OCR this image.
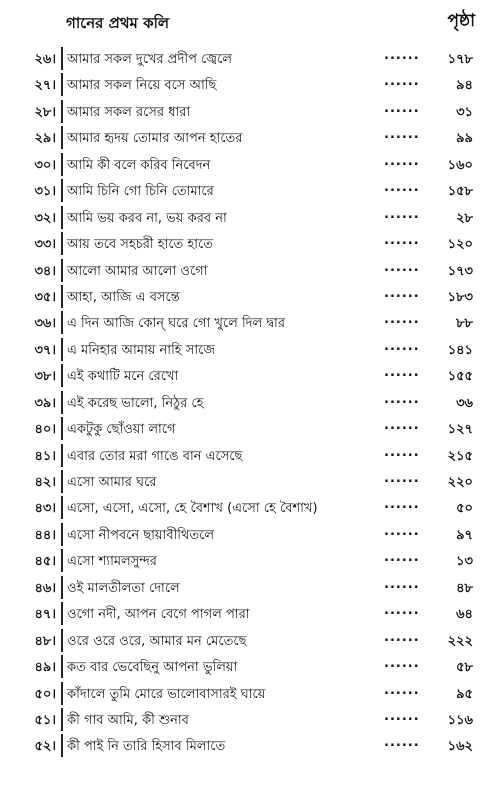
গানের প্রথম কলি	পৃষ্ঠা
২৬। আমার সকল দুখের প্রদীপ জ্বেলে	...... ১৭৮
২৭। আমার সকল নিয়ে বসে আছি	......	৯৪
২৮। আমার সকল রসের ধারা	......	৩১
২৯। আমার হৃদয় তোমার আপন হাতের	......	৯৯
৩০। আমি কী বলে করিব নিবেদন	...... ১৬০
৩১। আমি চিনি গো চিনি তোমারে	...... ১৫৮
৩২। আমি ভয় করব না, ভয় করব না	......	২৮
৩৩। আয় তবে সহচরী হাতে হাতে	...... ১২০
৩৪। আলো আমার আলো ওগো	...... ১৭৩
৩৫। আহা, আজি এ বসন্তে	...... ১৮৩
৩৬। এ দিন আজি কোন্ ঘরে গো খুলে দিল দ্বার	......	৮৮
৩৭। এ মনিহার আমায় নাহি সাজে	...... ১৪১
৩৮। এই কথাটি মনে রেখো	...... ১৫৫
৩৯। এই করেছ ভালো, নিঠুর হে	......	৩৬
৪০। একটুকু ছোঁওয়া লাগে	...... ১২৭
৪১। এবার তোর মরা গাঙে বান এসেছে	...... ২১৫
৪২। এসো আমার ঘরে	...... ২২০
৪৩। এসো, এসো, এসো, হে বৈশাখ (এসো হে বৈশাখ)	......	৫০
৪৪। এসো নীপবনে ছায়াবীথিতলে	......	৯৭
৪৫। এসো শ্যামলসুন্দর	......	১৩
৪৬। ওই মালতীলতা দোলে	......	৪৮
৪৭। ওগো নদী, আপন বেগে পাগল পারা	......	৬৪
৪৮। ওরে ওরে ওরে, আমার মন মেতেছে	...... ২২২
৪৯। কত বার ভেবেছিনু আপনা ভুলিয়া	......	৫৮
৫০। কাঁদালে তুমি মোরে ভালোবাসারই ঘায়ে	......	৯৫
৫১। কী গাব আমি, কী শুনাব	...... ১১৬
৫২। কী পাই নি তারি হিসাব মিলাতে	...... ১৬২
